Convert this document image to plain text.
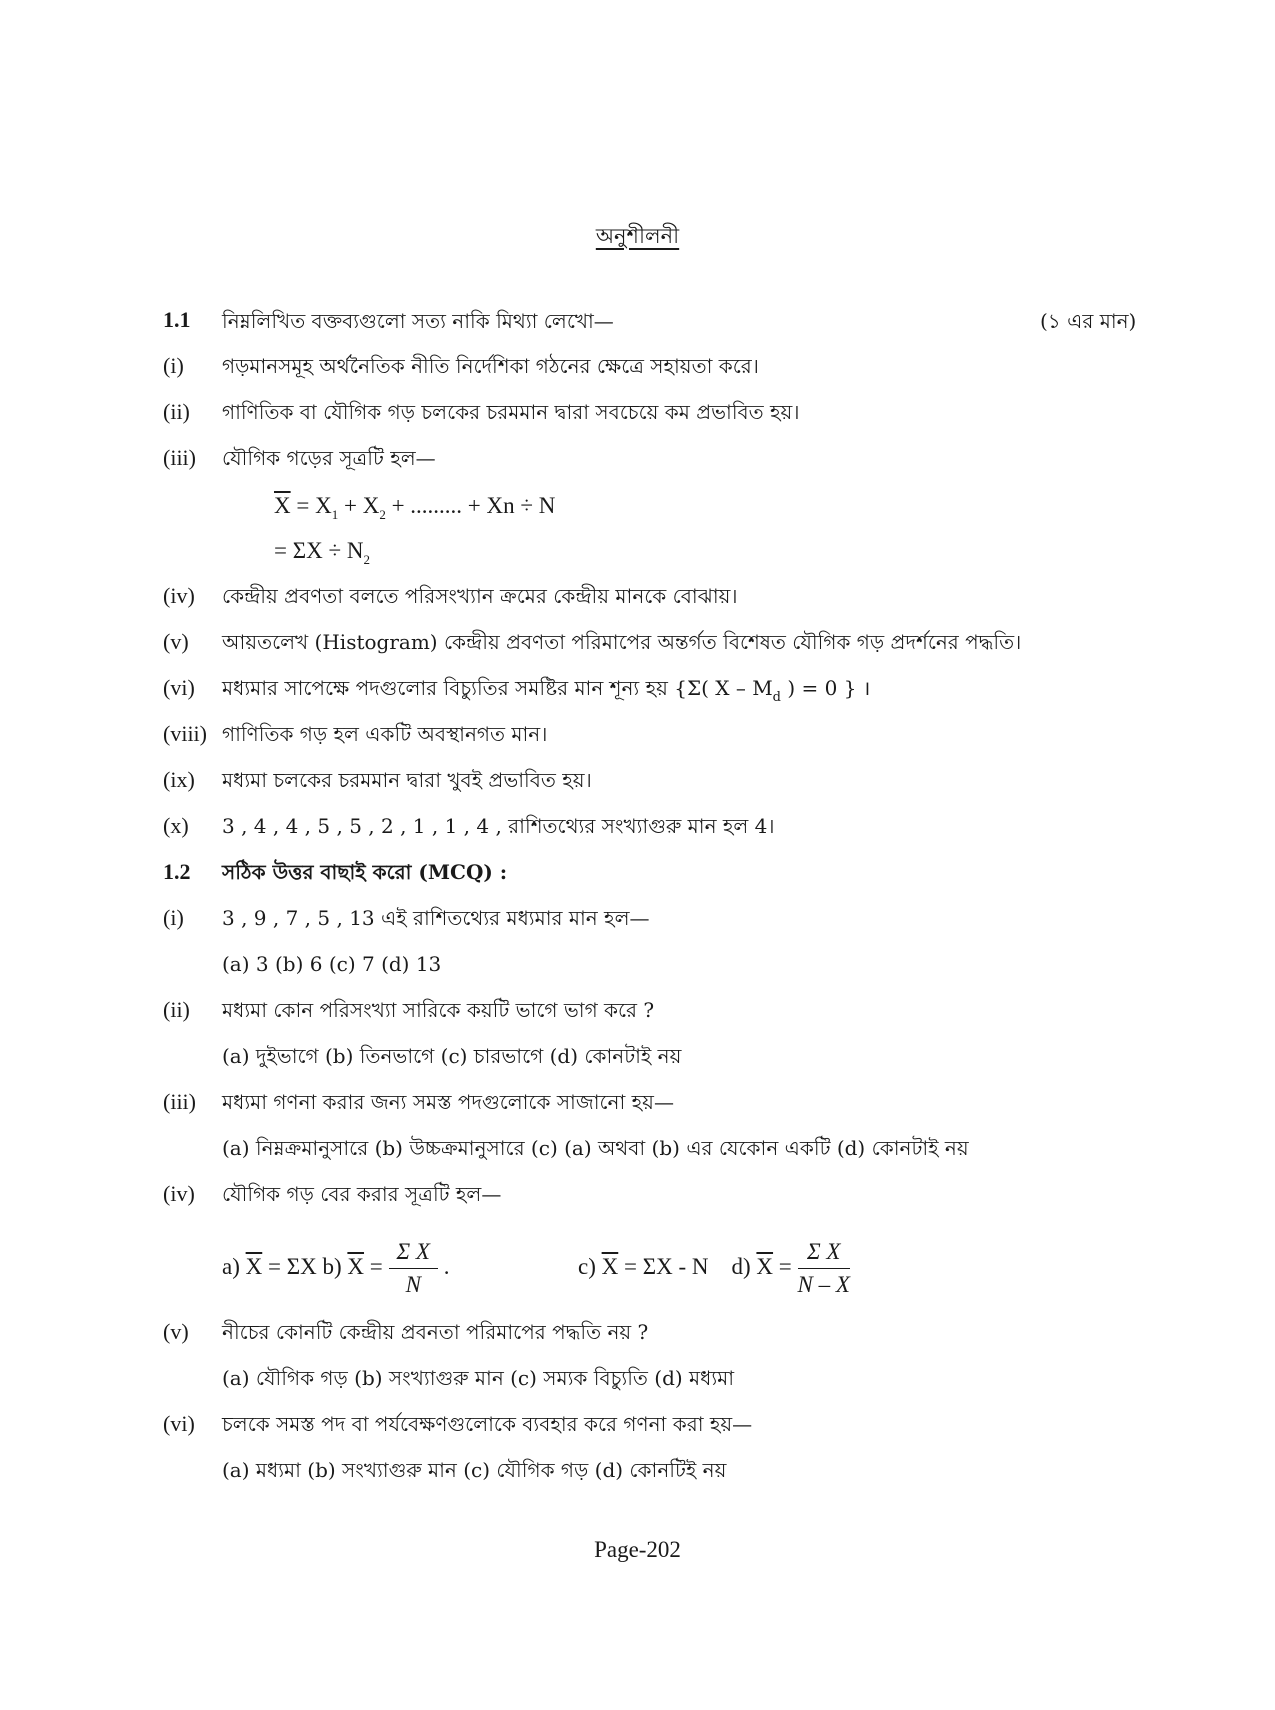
অনুশীলনী
1.1 নিম্নলিখিত বক্তব্যগুলো সত্য নাকি মিথ্যা লেখো—	(১ এর মান)
(i) গড়মানসমূহ অর্থনৈতিক নীতি নির্দেশিকা গঠনের ক্ষেত্রে সহায়তা করে।
(ii) গাণিতিক বা যৌগিক গড় চলকের চরমমান দ্বারা সবচেয়ে কম প্রভাবিত হয়।
(iii) যৌগিক গড়ের সূত্রটি হল—
$\overline{X} = X_1 + X_2$ + ......... + Xn ÷ N
= $\Sigma X \div N_2$
(iv) কেন্দ্রীয় প্রবণতা বলতে পরিসংখ্যান ক্রমের কেন্দ্রীয় মানকে বোঝায়।
(v) আয়তলেখ (Histogram) কেন্দ্রীয় প্রবণতা পরিমাপের অন্তর্গত বিশেষত যৌগিক গড় প্রদর্শনের পদ্ধতি।
(vi) মধ্যমার সাপেক্ষে পদগুলোর বিচ্যুতির সমষ্টির মান শূন্য হয় {Σ( X – $M_d$ ) = 0 } ।
(viii) গাণিতিক গড় হল একটি অবস্থানগত মান।
(ix) মধ্যমা চলকের চরমমান দ্বারা খুবই প্রভাবিত হয়।
(x) 3 , 4 , 4 , 5 , 5 , 2 , 1 , 1 , 4 , রাশিতথ্যের সংখ্যাগুরু মান হল 4।
1.2 সঠিক উত্তর বাছাই করো (MCQ) :
(i) 3 , 9 , 7 , 5 , 13 এই রাশিতথ্যের মধ্যমার মান হল—
(a) 3 (b) 6 (c) 7 (d) 13
(ii) মধ্যমা কোন পরিসংখ্যা সারিকে কয়টি ভাগে ভাগ করে ?
(a) দুইভাগে (b) তিনভাগে (c) চারভাগে (d) কোনটাই নয়
(iii) মধ্যমা গণনা করার জন্য সমস্ত পদগুলোকে সাজানো হয়—
(a) নিম্নক্রমানুসারে (b) উচ্চক্রমানুসারে (c) (a) অথবা (b) এর যেকোন একটি (d) কোনটাই নয়
(iv) যৌগিক গড় বের করার সূত্রটি হল—
a) $\overline{X} = \Sigma X$ b) $\overline{X} = \frac{\text{Σ X}}{N}$ .	c) $\overline{X} = \Sigma X - N$ d) $\overline{X} = \frac{\text{Σ X}}{N - X}$
(v) নীচের কোনটি কেন্দ্রীয় প্রবনতা পরিমাপের পদ্ধতি নয় ?
(a) যৌগিক গড় (b) সংখ্যাগুরু মান (c) সম্যক বিচ্যুতি (d) মধ্যমা
(vi) চলকে সমস্ত পদ বা পর্যবেক্ষণগুলোকে ব্যবহার করে গণনা করা হয়—
(a) মধ্যমা (b) সংখ্যাগুরু মান (c) যৌগিক গড় (d) কোনটিই নয়
Page-202
